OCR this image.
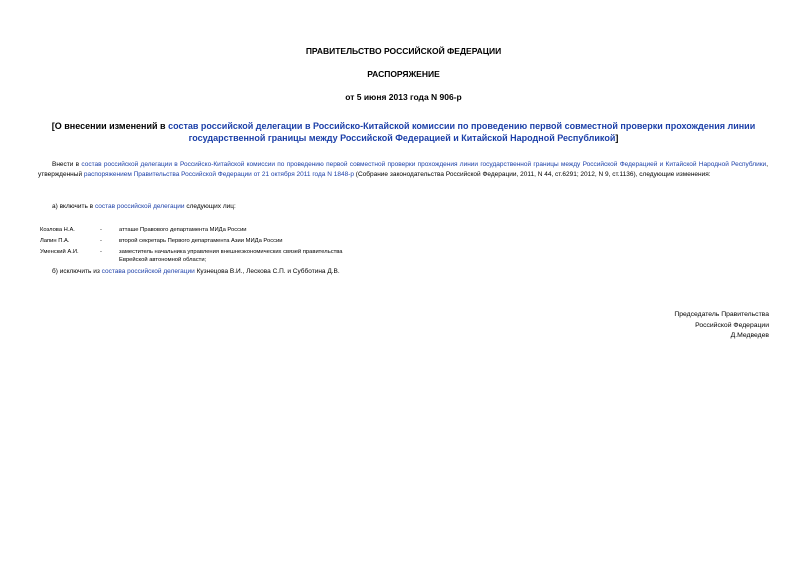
ПРАВИТЕЛЬСТВО РОССИЙСКОЙ ФЕДЕРАЦИИ
РАСПОРЯЖЕНИЕ
от 5 июня 2013 года N 906-р
[О внесении изменений в состав российской делегации в Российско-Китайской комиссии по проведению первой совместной проверки прохождения линии государственной границы между Российской Федерацией и Китайской Народной Республикой]
Внести в состав российской делегации в Российско-Китайской комиссии по проведению первой совместной проверки прохождения линии государственной границы между Российской Федерацией и Китайской Народной Республики, утвержденный распоряжением Правительства Российской Федерации от 21 октября 2011 года N 1848-р (Собрание законодательства Российской Федерации, 2011, N 44, ст.6291; 2012, N 9, ст.1136), следующие изменения:
а) включить в состав российской делегации следующих лиц:
Козлова Н.А.	-	атташе Правового департамента МИДа России
Лапин П.А.	-	второй секретарь Первого департамента Азии МИДа России
Уменский А.И.	-	заместитель начальника управления внешнеэкономических связей правительства Еврейской автономной области;
б) исключить из состава российской делегации Кузнецова В.И., Лескова С.П. и Субботина Д.В.
Председатель Правительства
Российской Федерации
Д.Медведев
